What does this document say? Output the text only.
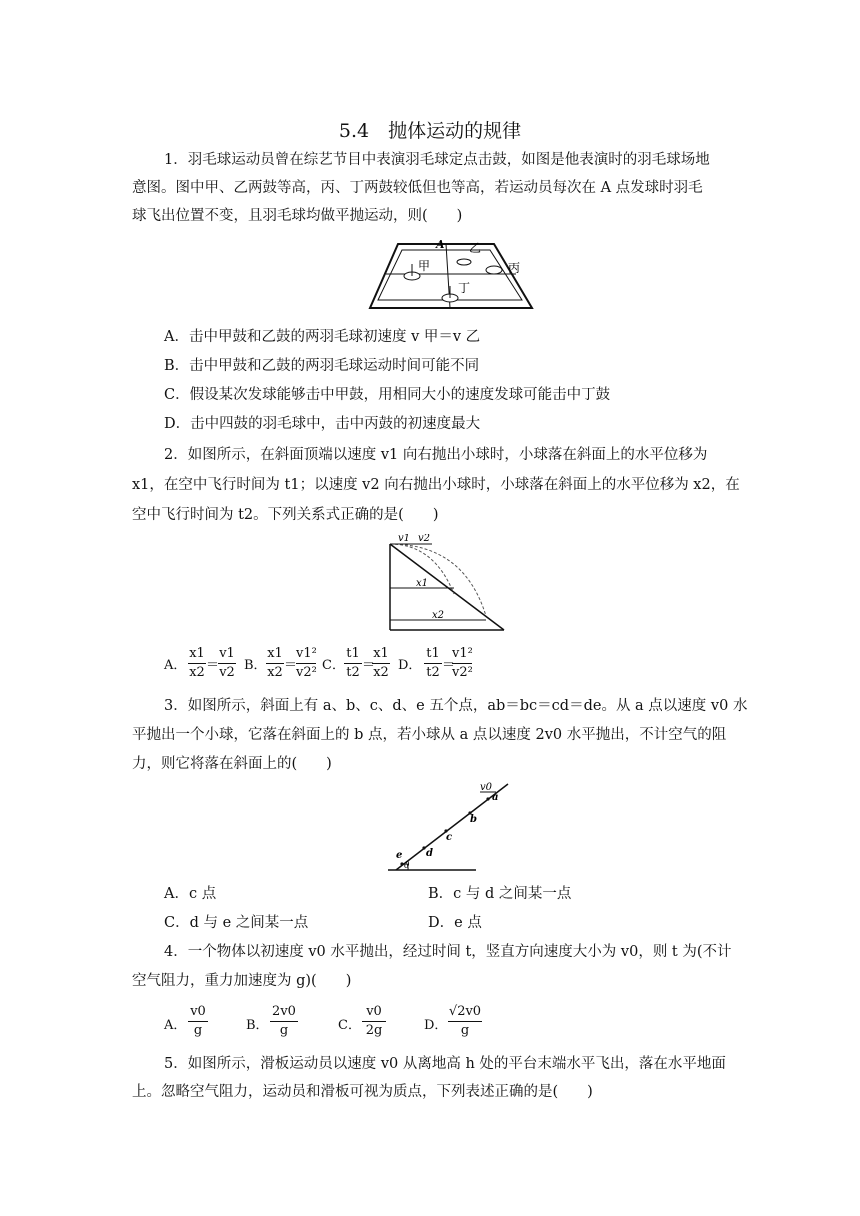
5.4　抛体运动的规律
1．羽毛球运动员曾在综艺节目中表演羽毛球定点击鼓，如图是他表演时的羽毛球场地
意图。图中甲、乙两鼓等高，丙、丁两鼓较低但也等高，若运动员每次在 A 点发球时羽毛
球飞出位置不变，且羽毛球均做平抛运动，则(　　)
A 乙
甲	丙
丁
A．击中甲鼓和乙鼓的两羽毛球初速度 v 甲＝v 乙
B．击中甲鼓和乙鼓的两羽毛球运动时间可能不同
C．假设某次发球能够击中甲鼓，用相同大小的速度发球可能击中丁鼓
D．击中四鼓的羽毛球中，击中丙鼓的初速度最大
2．如图所示，在斜面顶端以速度 v1 向右抛出小球时，小球落在斜面上的水平位移为
x1，在空中飞行时间为 t1；以速度 v2 向右抛出小球时，小球落在斜面上的水平位移为 x2，在
空中飞行时间为 t2。下列关系式正确的是(　　)
v1 v2
x1
x2
A．
x1
x2 ＝
v1
v2 B．
x1
x2 ＝
v1²
v2² C．
t1
t2 ＝
x1
x2 D．
t1
t2 ＝
v1²
v2²
3．如图所示，斜面上有 a、b、c、d、e 五个点，ab＝bc＝cd＝de。从 a 点以速度 v0 水
平抛出一个小球，它落在斜面上的 b 点，若小球从 a 点以速度 2v0 水平抛出，不计空气的阻
力，则它将落在斜面上的(　　)
v0
a
b
c
d
e
θ
A．c 点	B．c 与 d 之间某一点
C．d 与 e 之间某一点	D．e 点
4．一个物体以初速度 v0 水平抛出，经过时间 t，竖直方向速度大小为 v0，则 t 为(不计
空气阻力，重力加速度为 g)(　　)
A．
v0
g	B．
2v0
g	C．
v0
2g	D．
√2v0
g
5．如图所示，滑板运动员以速度 v0 从离地高 h 处的平台末端水平飞出，落在水平地面
上。忽略空气阻力，运动员和滑板可视为质点，下列表述正确的是(　　)
